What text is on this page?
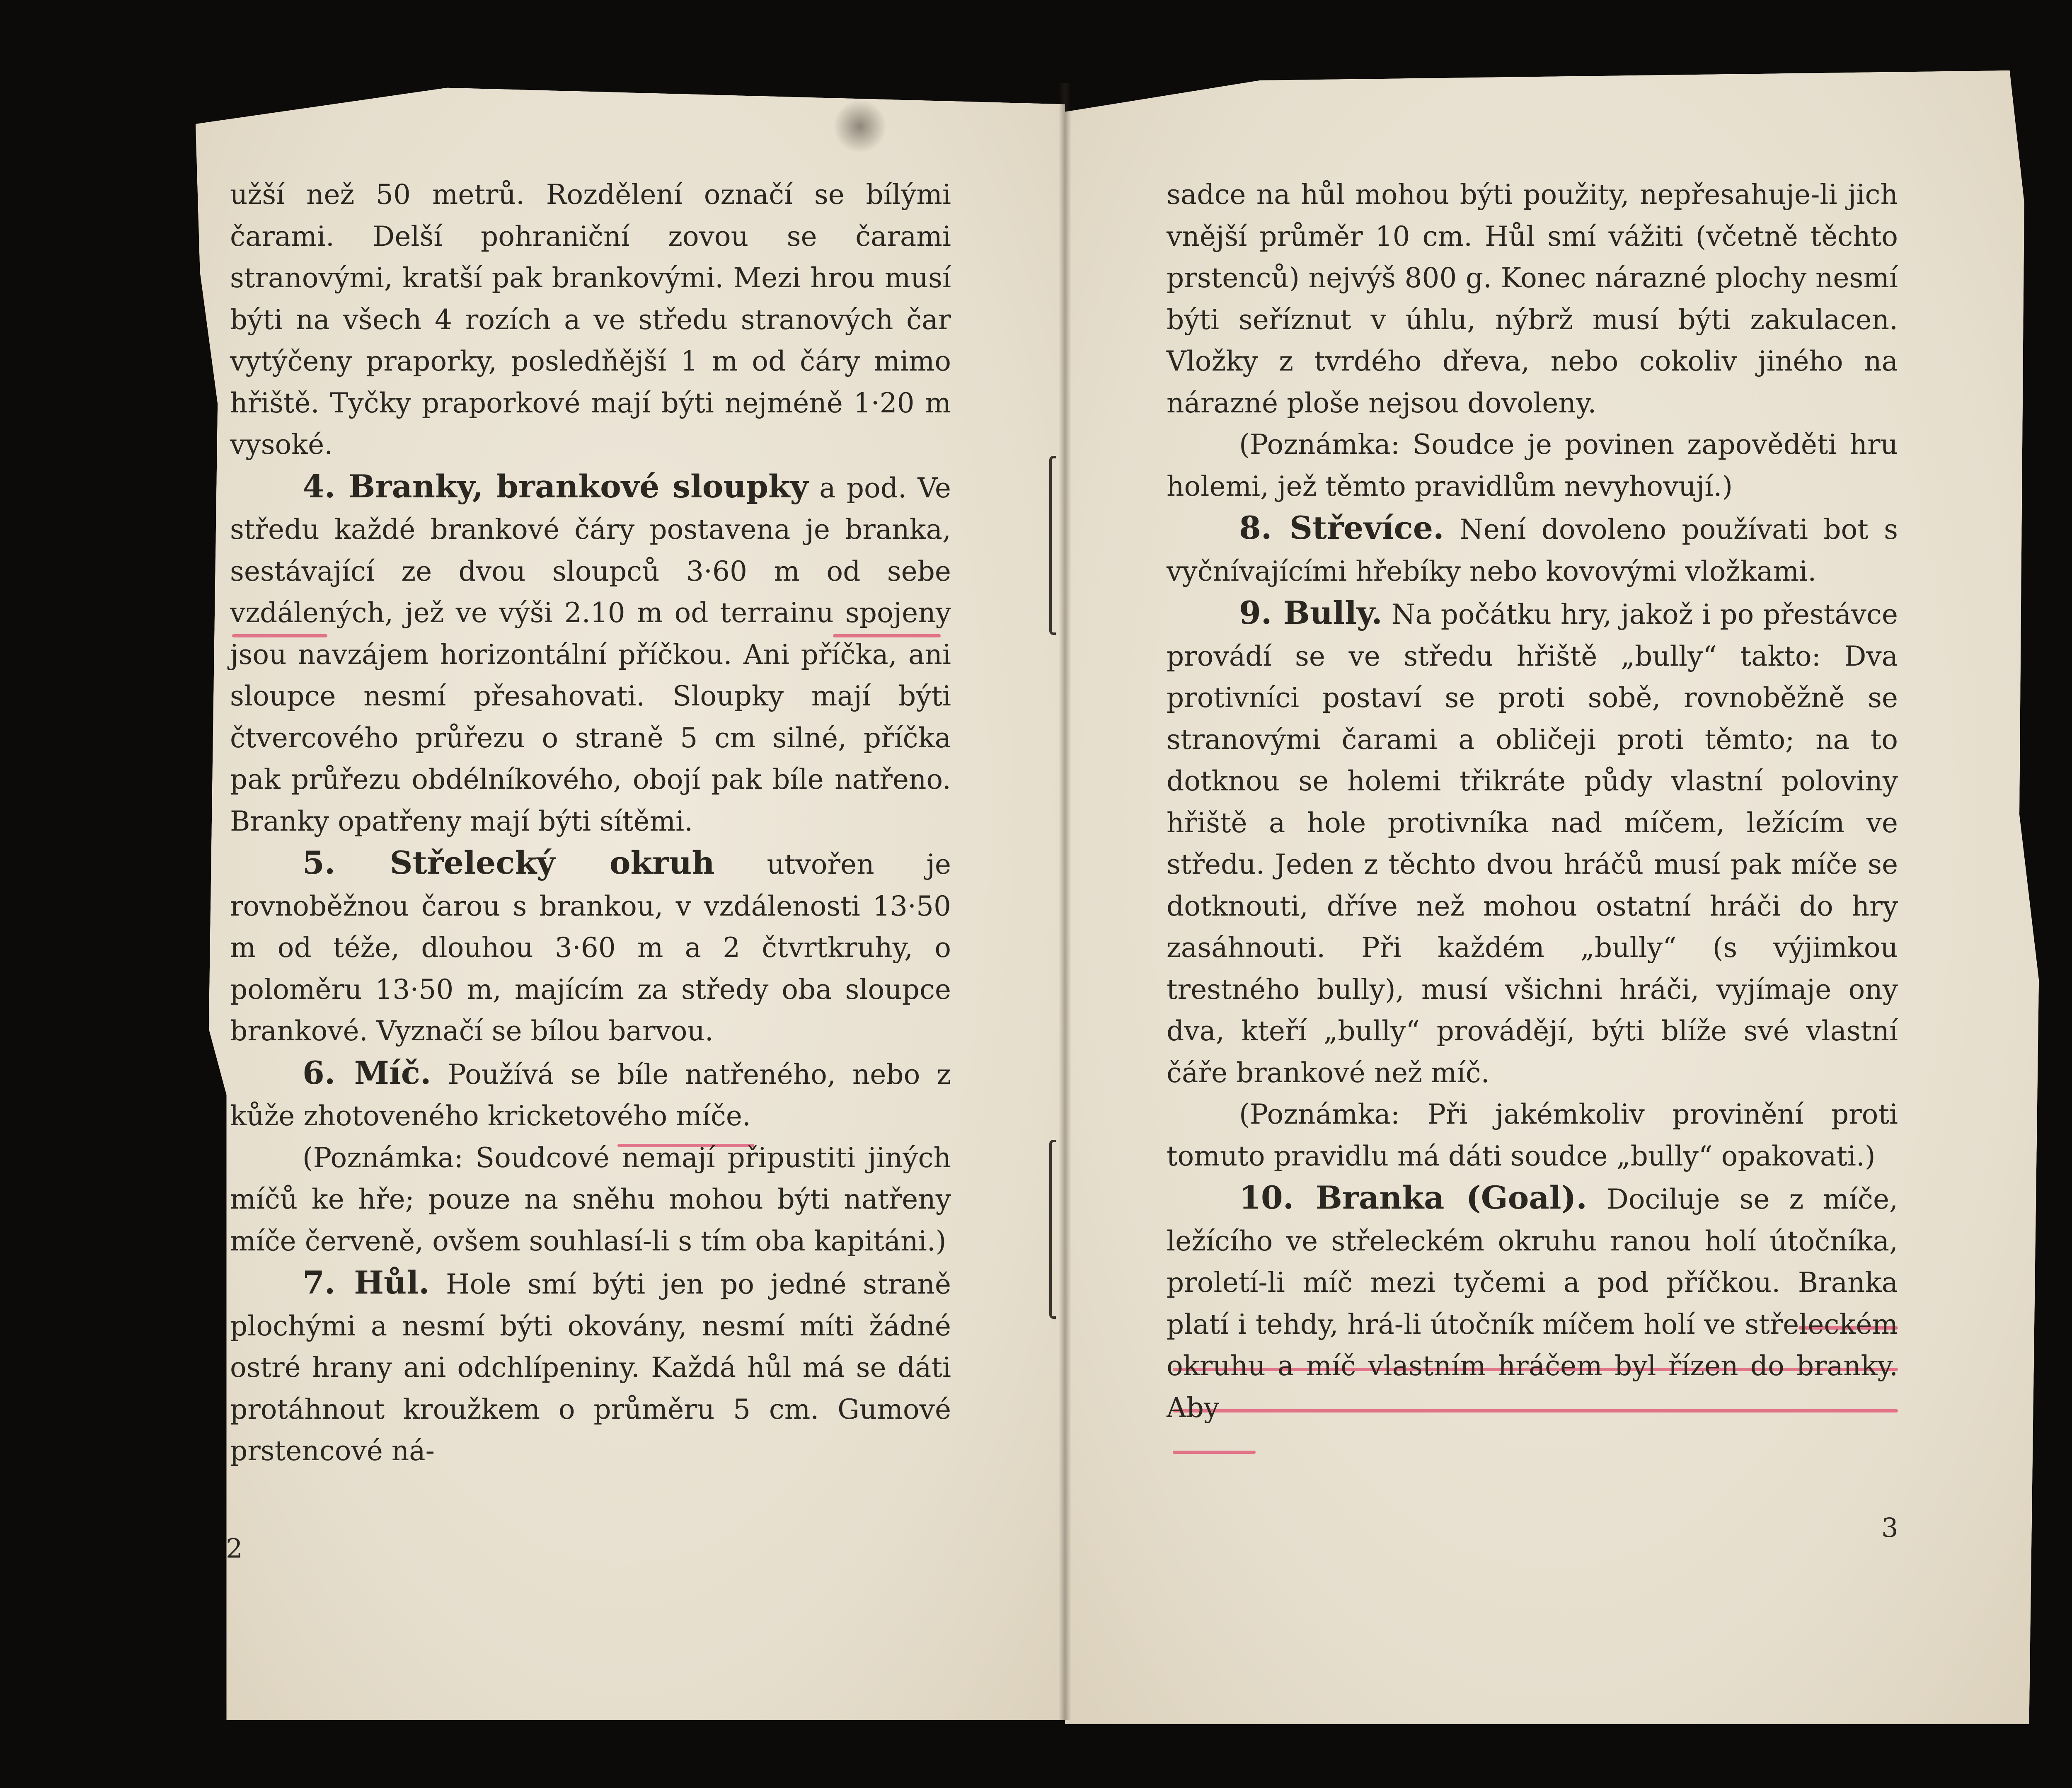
užší než 50 metrů. Rozdělení označí se bílými čarami. Delší pohraniční zovou se čarami stranovými, kratší pak brankovými. Mezi hrou musí býti na všech 4 rozích a ve středu stranových čar vytýčeny praporky, posledňější 1 m od čáry mimo hřiště. Tyčky praporkové mají býti nejméně 1·20 m vysoké.

4. Branky, brankové sloupky a pod. Ve středu každé brankové čáry postavena je branka, sestávající ze dvou sloupců 3·60 m od sebe vzdálených, jež ve výši 2.10 m od terrainu spojeny jsou navzájem horizontální příčkou. Ani příčka, ani sloupce nesmí přesahovati. Sloupky mají býti čtvercového průřezu o straně 5 cm silné, příčka pak průřezu obdélníkového, obojí pak bíle natřeno. Branky opatřeny mají býti sítěmi.

5. Střelecký okruh utvořen je rovnoběžnou čarou s brankou, v vzdálenosti 13·50 m od téže, dlouhou 3·60 m a 2 čtvrtkruhy, o poloměru 13·50 m, majícím za středy oba sloupce brankové. Vyznačí se bílou barvou.

6. Míč. Používá se bíle natřeného, nebo z kůže zhotoveného kricketového míče.

(Poznámka: Soudcové nemají připustiti jiných míčů ke hře; pouze na sněhu mohou býti natřeny míče červeně, ovšem souhlasí-li s tím oba kapitáni.)

7. Hůl. Hole smí býti jen po jedné straně plochými a nesmí býti okovány, nesmí míti žádné ostré hrany ani odchlípeniny. Každá hůl má se dáti protáhnout kroužkem o průměru 5 cm. Gumové prstencové ná-

2

sadce na hůl mohou býti použity, nepřesahuje-li jich vnější průměr 10 cm. Hůl smí vážiti (včetně těchto prstenců) nejvýš 800 g. Konec nárazné plochy nesmí býti seříznut v úhlu, nýbrž musí býti zakulacen. Vložky z tvrdého dřeva, nebo cokoliv jiného na nárazné ploše nejsou dovoleny.

(Poznámka: Soudce je povinen zapověděti hru holemi, jež těmto pravidlům nevyhovují.)

8. Střevíce. Není dovoleno používati bot s vyčnívajícími hřebíky nebo kovovými vložkami.

9. Bully. Na počátku hry, jakož i po přestávce provádí se ve středu hřiště „bully“ takto: Dva protivníci postaví se proti sobě, rovnoběžně se stranovými čarami a obličeji proti těmto; na to dotknou se holemi třikráte půdy vlastní poloviny hřiště a hole protivníka nad míčem, ležícím ve středu. Jeden z těchto dvou hráčů musí pak míče se dotknouti, dříve než mohou ostatní hráči do hry zasáhnouti. Při každém „bully“ (s výjimkou trestného bully), musí všichni hráči, vyjímaje ony dva, kteří „bully“ provádějí, býti blíže své vlastní čáře brankové než míč.

(Poznámka: Při jakémkoliv provinění proti tomuto pravidlu má dáti soudce „bully“ opakovati.)

10. Branka (Goal). Dociluje se z míče, ležícího ve střeleckém okruhu ranou holí útočníka, proletí-li míč mezi tyčemi a pod příčkou. Branka platí i tehdy, hrá-li útočník míčem holí ve střeleckém okruhu a míč vlastním hráčem byl řízen do branky. Aby

3
